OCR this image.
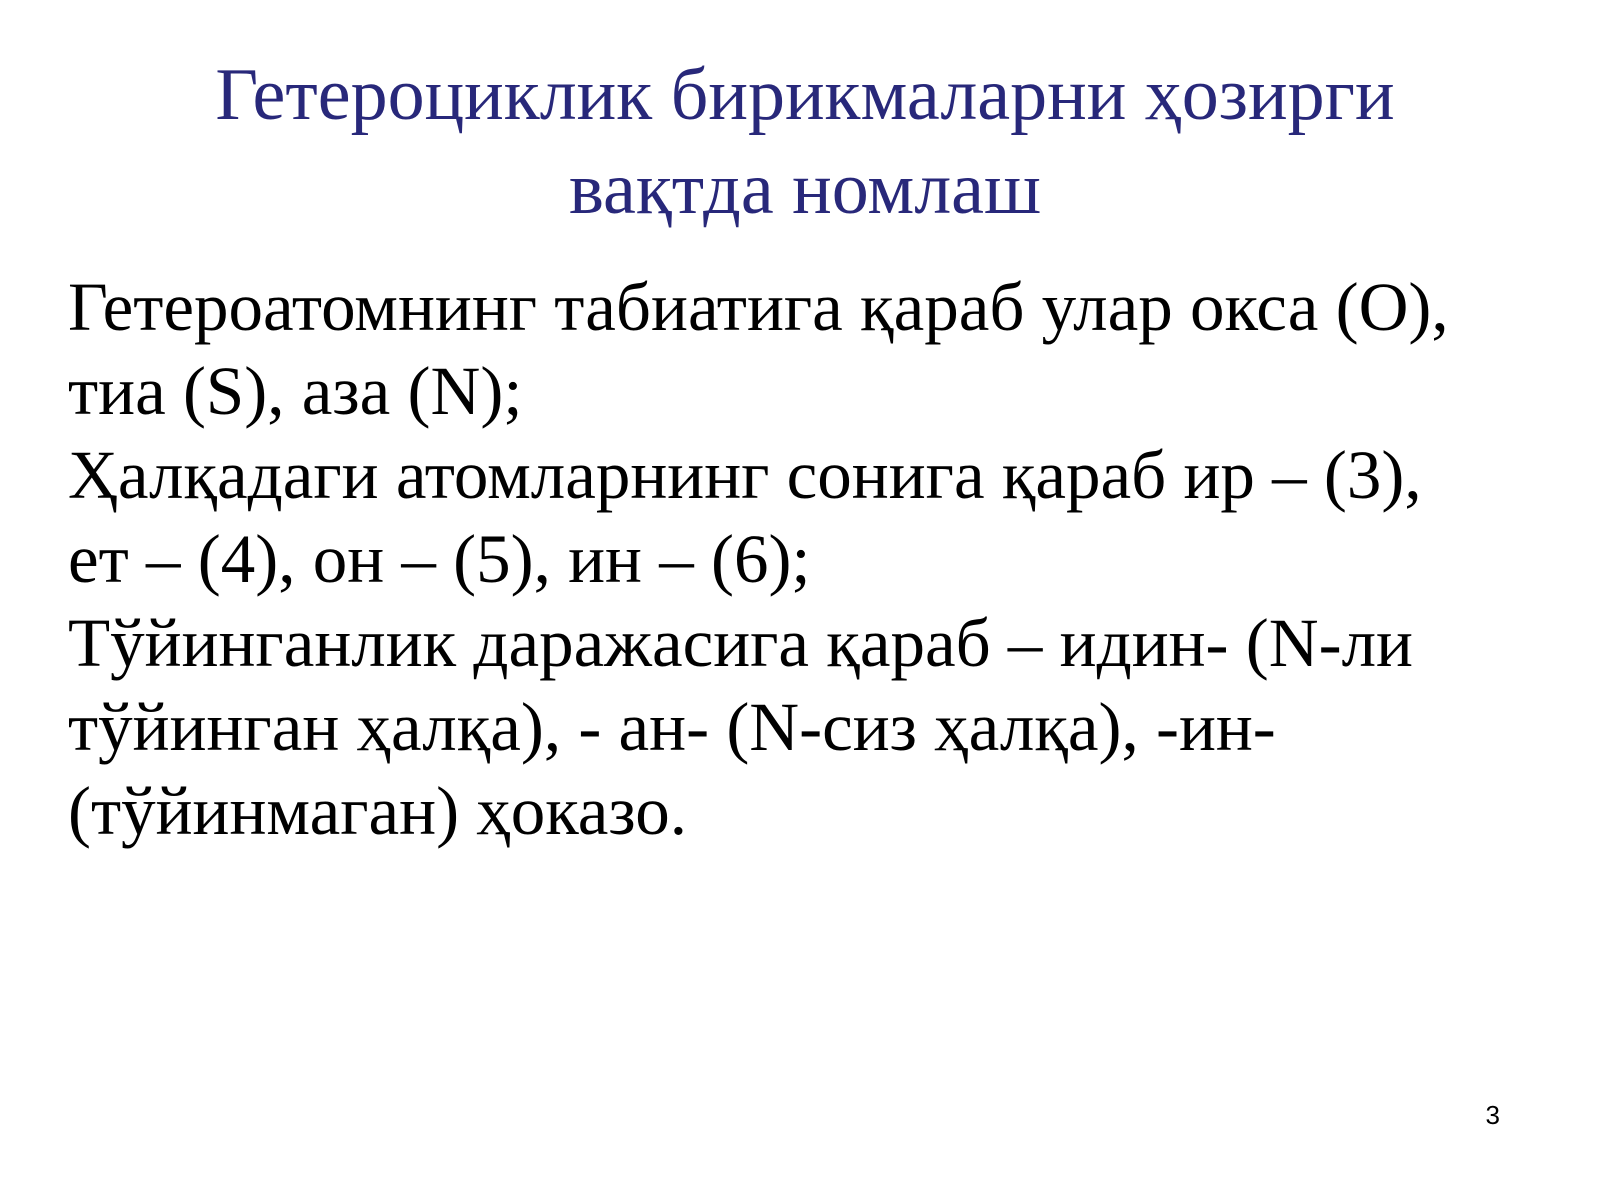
Гетероциклик бирикмаларни ҳозирги
вақтда номлаш
Гетероатомнинг табиатига қараб улар окса (О),
тиа (S), аза (N);
Ҳалқадаги атомларнинг сонига қараб ир – (3),
ет – (4), он – (5), ин – (6);
Тўйинганлик даражасига қараб – идин- (N-ли
тўйинган ҳалқа), - ан- (N-сиз ҳалқа), -ин-
(тўйинмаган) ҳоказо.
3
